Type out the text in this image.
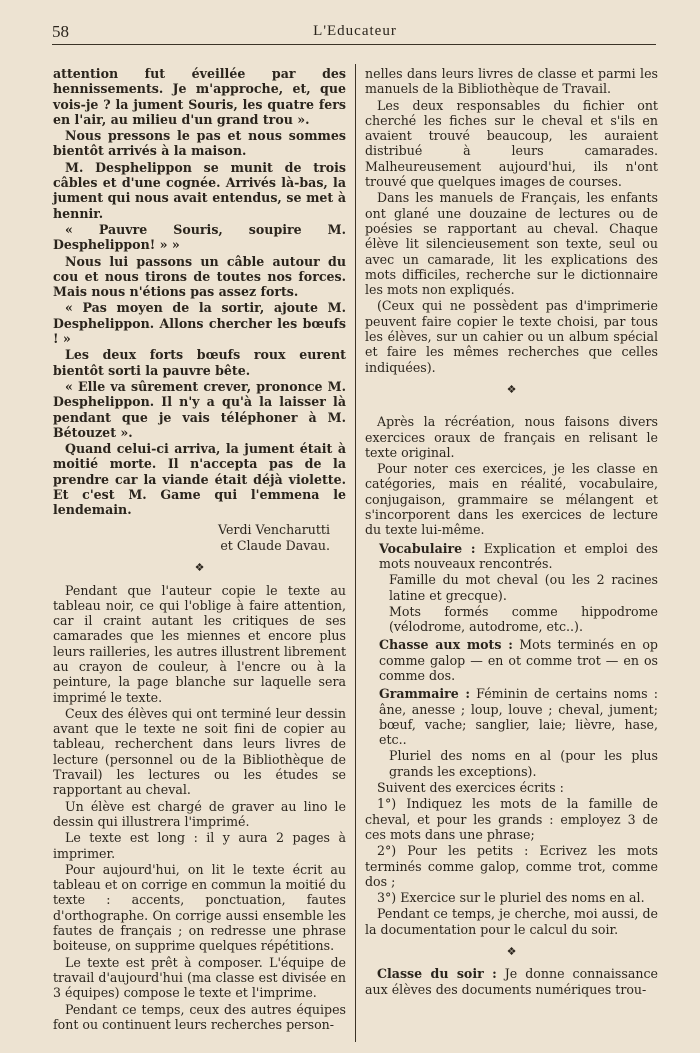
58	L'Educateur

attention fut éveillée par des hennissements. Je m'approche, et, que vois-je ? la jument Souris, les quatre fers en l'air, au milieu d'un grand trou ».

Nous pressons le pas et nous sommes bientôt arrivés à la maison.

M. Desphelippon se munit de trois câbles et d'une cognée. Arrivés là-bas, la jument qui nous avait entendus, se met à hennir.

« Pauvre Souris, soupire M. Desphelippon! » »

Nous lui passons un câble autour du cou et nous tirons de toutes nos forces. Mais nous n'étions pas assez forts.

« Pas moyen de la sortir, ajoute M. Desphelippon. Allons chercher les bœufs ! »

Les deux forts bœufs roux eurent bientôt sorti la pauvre bête.

« Elle va sûrement crever, prononce M. Desphelippon. Il n'y a qu'à la laisser là pendant que je vais téléphoner à M. Bétouzet ».

Quand celui-ci arriva, la jument était à moitié morte. Il n'accepta pas de la prendre car la viande était déjà violette. Et c'est M. Game qui l'emmena le lendemain.

Verdi Vencharutti

et Claude Davau.

❖

Pendant que l'auteur copie le texte au tableau noir, ce qui l'oblige à faire attention, car il craint autant les critiques de ses camarades que les miennes et encore plus leurs railleries, les autres illustrent librement au crayon de couleur, à l'encre ou à la peinture, la page blanche sur laquelle sera imprimé le texte.

Ceux des élèves qui ont terminé leur dessin avant que le texte ne soit fini de copier au tableau, recherchent dans leurs livres de lecture (personnel ou de la Bibliothèque de Travail) les lectures ou les études se rapportant au cheval.

Un élève est chargé de graver au lino le dessin qui illustrera l'imprimé.

Le texte est long : il y aura 2 pages à imprimer.

Pour aujourd'hui, on lit le texte écrit au tableau et on corrige en commun la moitié du texte : accents, ponctuation, fautes d'orthographe. On corrige aussi ensemble les fautes de français ; on redresse une phrase boiteuse, on supprime quelques répétitions.

Le texte est prêt à composer. L'équipe de travail d'aujourd'hui (ma classe est divisée en 3 équipes) compose le texte et l'imprime.

Pendant ce temps, ceux des autres équipes font ou continuent leurs recherches person-

nelles dans leurs livres de classe et parmi les manuels de la Bibliothèque de Travail.

Les deux responsables du fichier ont cherché les fiches sur le cheval et s'ils en avaient trouvé beaucoup, les auraient distribué à leurs camarades. Malheureusement aujourd'hui, ils n'ont trouvé que quelques images de courses.

Dans les manuels de Français, les enfants ont glané une douzaine de lectures ou de poésies se rapportant au cheval. Chaque élève lit silencieusement son texte, seul ou avec un camarade, lit les explications des mots difficiles, recherche sur le dictionnaire les mots non expliqués.

(Ceux qui ne possèdent pas d'imprimerie peuvent faire copier le texte choisi, par tous les élèves, sur un cahier ou un album spécial et faire les mêmes recherches que celles indiquées).

❖

Après la récréation, nous faisons divers exercices oraux de français en relisant le texte original.

Pour noter ces exercices, je les classe en catégories, mais en réalité, vocabulaire, conjugaison, grammaire se mélangent et s'incorporent dans les exercices de lecture du texte lui-même.

Vocabulaire : Explication et emploi des mots nouveaux rencontrés.

Famille du mot cheval (ou les 2 racines latine et grecque).

Mots formés comme hippodrome (vélodrome, autodrome, etc..).

Chasse aux mots : Mots terminés en op comme galop — en ot comme trot — en os comme dos.

Grammaire : Féminin de certains noms : âne, anesse ; loup, louve ; cheval, jument; bœuf, vache; sanglier, laie; lièvre, hase, etc..

Pluriel des noms en al (pour les plus grands les exceptions).

Suivent des exercices écrits :

1°) Indiquez les mots de la famille de cheval, et pour les grands : employez 3 de ces mots dans une phrase;

2°) Pour les petits : Ecrivez les mots terminés comme galop, comme trot, comme dos ;

3°) Exercice sur le pluriel des noms en al.

Pendant ce temps, je cherche, moi aussi, de la documentation pour le calcul du soir.

❖

Classe du soir : Je donne connaissance aux élèves des documents numériques trou-
